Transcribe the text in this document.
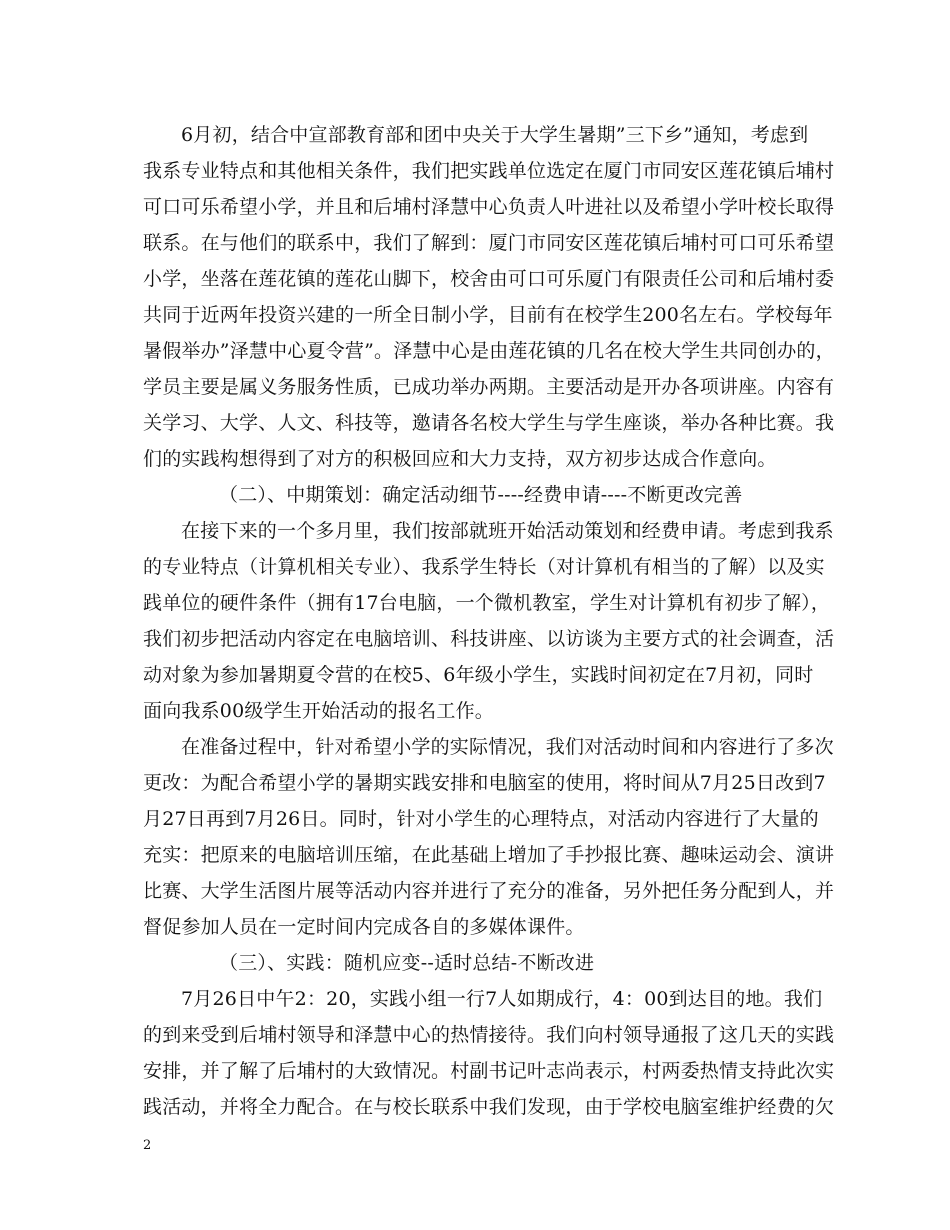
6月初，结合中宣部教育部和团中央关于大学生暑期”三下乡”通知，考虑到
我系专业特点和其他相关条件，我们把实践单位选定在厦门市同安区莲花镇后埔村
可口可乐希望小学，并且和后埔村泽慧中心负责人叶进社以及希望小学叶校长取得
联系。在与他们的联系中，我们了解到：厦门市同安区莲花镇后埔村可口可乐希望
小学，坐落在莲花镇的莲花山脚下，校舍由可口可乐厦门有限责任公司和后埔村委
共同于近两年投资兴建的一所全日制小学，目前有在校学生200名左右。学校每年
暑假举办”泽慧中心夏令营”。泽慧中心是由莲花镇的几名在校大学生共同创办的，
学员主要是属义务服务性质，已成功举办两期。主要活动是开办各项讲座。内容有
关学习、大学、人文、科技等，邀请各名校大学生与学生座谈，举办各种比赛。我
们的实践构想得到了对方的积极回应和大力支持，双方初步达成合作意向。
（二）、中期策划：确定活动细节----经费申请----不断更改完善
在接下来的一个多月里，我们按部就班开始活动策划和经费申请。考虑到我系
的专业特点（计算机相关专业）、我系学生特长（对计算机有相当的了解）以及实
践单位的硬件条件（拥有17台电脑，一个微机教室，学生对计算机有初步了解），
我们初步把活动内容定在电脑培训、科技讲座、以访谈为主要方式的社会调查，活
动对象为参加暑期夏令营的在校5、6年级小学生，实践时间初定在7月初，同时
面向我系00级学生开始活动的报名工作。
在准备过程中，针对希望小学的实际情况，我们对活动时间和内容进行了多次
更改：为配合希望小学的暑期实践安排和电脑室的使用，将时间从7月25日改到7
月27日再到7月26日。同时，针对小学生的心理特点，对活动内容进行了大量的
充实：把原来的电脑培训压缩，在此基础上增加了手抄报比赛、趣味运动会、演讲
比赛、大学生活图片展等活动内容并进行了充分的准备，另外把任务分配到人，并
督促参加人员在一定时间内完成各自的多媒体课件。
（三）、实践：随机应变--适时总结-不断改进
7月26日中午2：20，实践小组一行7人如期成行，4：00到达目的地。我们
的到来受到后埔村领导和泽慧中心的热情接待。我们向村领导通报了这几天的实践
安排，并了解了后埔村的大致情况。村副书记叶志尚表示，村两委热情支持此次实
践活动，并将全力配合。在与校长联系中我们发现，由于学校电脑室维护经费的欠
2
